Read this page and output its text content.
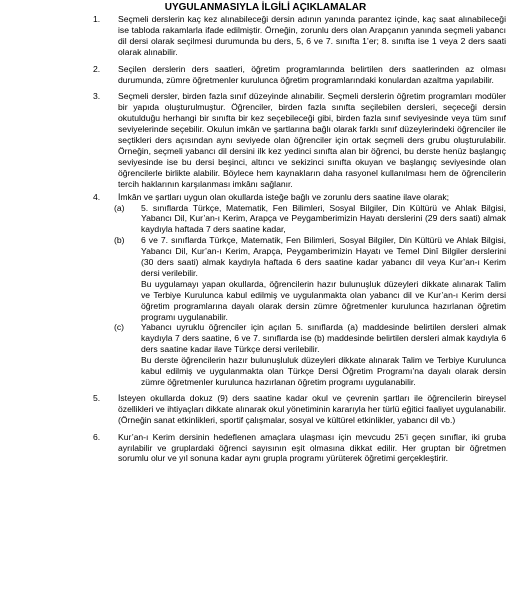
UYGULANMASIYLA İLGİLİ AÇIKLAMALAR
1. Seçmeli derslerin kaç kez alınabileceği dersin adının yanında parantez içinde, kaç saat alınabileceği ise tabloda rakamlarla ifade edilmiştir. Örneğin, zorunlu ders olan Arapçanın yanında seçmeli yabancı dil dersi olarak seçilmesi durumunda bu ders, 5, 6 ve 7. sınıfta 1’er; 8. sınıfta ise 1 veya 2 ders saati olarak alınabilir.
2. Seçilen derslerin ders saatleri, öğretim programlarında belirtilen ders saatlerinden az olması durumunda, zümre öğretmenler kurulunca öğretim programlarındaki konulardan azaltma yapılabilir.
3. Seçmeli dersler, birden fazla sınıf düzeyinde alınabilir. Seçmeli derslerin öğretim programları modüler bir yapıda oluşturulmuştur. Öğrenciler, birden fazla sınıfta seçilebilen dersleri, seçeceği dersin okutulduğu herhangi bir sınıfta bir kez seçebileceği gibi, birden fazla sınıf seviyesinde veya tüm sınıf seviyelerinde seçebilir. Okulun imkân ve şartlarına bağlı olarak farklı sınıf düzeylerindeki öğrenciler ile seçtikleri ders açısından aynı seviyede olan öğrenciler için ortak seçmeli ders grubu oluşturulabilir. Örneğin, seçmeli yabancı dil dersini ilk kez yedinci sınıfta alan bir öğrenci, bu derste henüz başlangıç seviyesinde ise bu dersi beşinci, altıncı ve sekizinci sınıfta okuyan ve başlangıç seviyesinde olan öğrencilerle birlikte alabilir. Böylece hem kaynakların daha rasyonel kullanılması hem de öğrencilerin tercih haklarının karşılanması imkânı sağlanır.
4. İmkân ve şartları uygun olan okullarda isteğe bağlı ve zorunlu ders saatine ilave olarak;
(a) 5. sınıflarda Türkçe, Matematik, Fen Bilimleri, Sosyal Bilgiler, Din Kültürü ve Ahlak Bilgisi, Yabancı Dil, Kur’an-ı Kerim, Arapça ve Peygamberimizin Hayatı derslerini (29 ders saati) almak kaydıyla haftada 7 ders saatine kadar,
(b) 6 ve 7. sınıflarda Türkçe, Matematik, Fen Bilimleri, Sosyal Bilgiler, Din Kültürü ve Ahlak Bilgisi, Yabancı Dil, Kur’an-ı Kerim, Arapça, Peygamberimizin Hayatı ve Temel Dinî Bilgiler derslerini (30 ders saati) almak kaydıyla haftada 6 ders saatine kadar yabancı dil veya Kur’an-ı Kerim dersi verilebilir.
Bu uygulamayı yapan okullarda, öğrencilerin hazır bulunuşluk düzeyleri dikkate alınarak Talim ve Terbiye Kurulunca kabul edilmiş ve uygulanmakta olan yabancı dil ve Kur’an-ı Kerim dersi öğretim programlarına dayalı olarak dersin zümre öğretmenler kurulunca hazırlanan öğretim programı uygulanabilir.
(c) Yabancı uyruklu öğrenciler için açılan 5. sınıflarda (a) maddesinde belirtilen dersleri almak kaydıyla 7 ders saatine, 6 ve 7. sınıflarda ise (b) maddesinde belirtilen dersleri almak kaydıyla 6 ders saatine kadar ilave Türkçe dersi verilebilir.
Bu derste öğrencilerin hazır bulunuşluluk düzeyleri dikkate alınarak Talim ve Terbiye Kurulunca kabul edilmiş ve uygulanmakta olan Türkçe Dersi Öğretim Programı’na dayalı olarak dersin zümre öğretmenler kurulunca hazırlanan öğretim programı uygulanabilir.
5. İsteyen okullarda dokuz (9) ders saatine kadar okul ve çevrenin şartları ile öğrencilerin bireysel özellikleri ve ihtiyaçları dikkate alınarak okul yönetiminin kararıyla her türlü eğitici faaliyet uygulanabilir. (Örneğin sanat etkinlikleri, sportif çalışmalar, sosyal ve kültürel etkinlikler, yabancı dil vb.)
6. Kur’an-ı Kerim dersinin hedeflenen amaçlara ulaşması için mevcudu 25’i geçen sınıflar, iki gruba ayrılabilir ve gruplardaki öğrenci sayısının eşit olmasına dikkat edilir. Her gruptan bir öğretmen sorumlu olur ve yıl sonuna kadar aynı grupla programı yürüterek öğretimi gerçekleştirir.
